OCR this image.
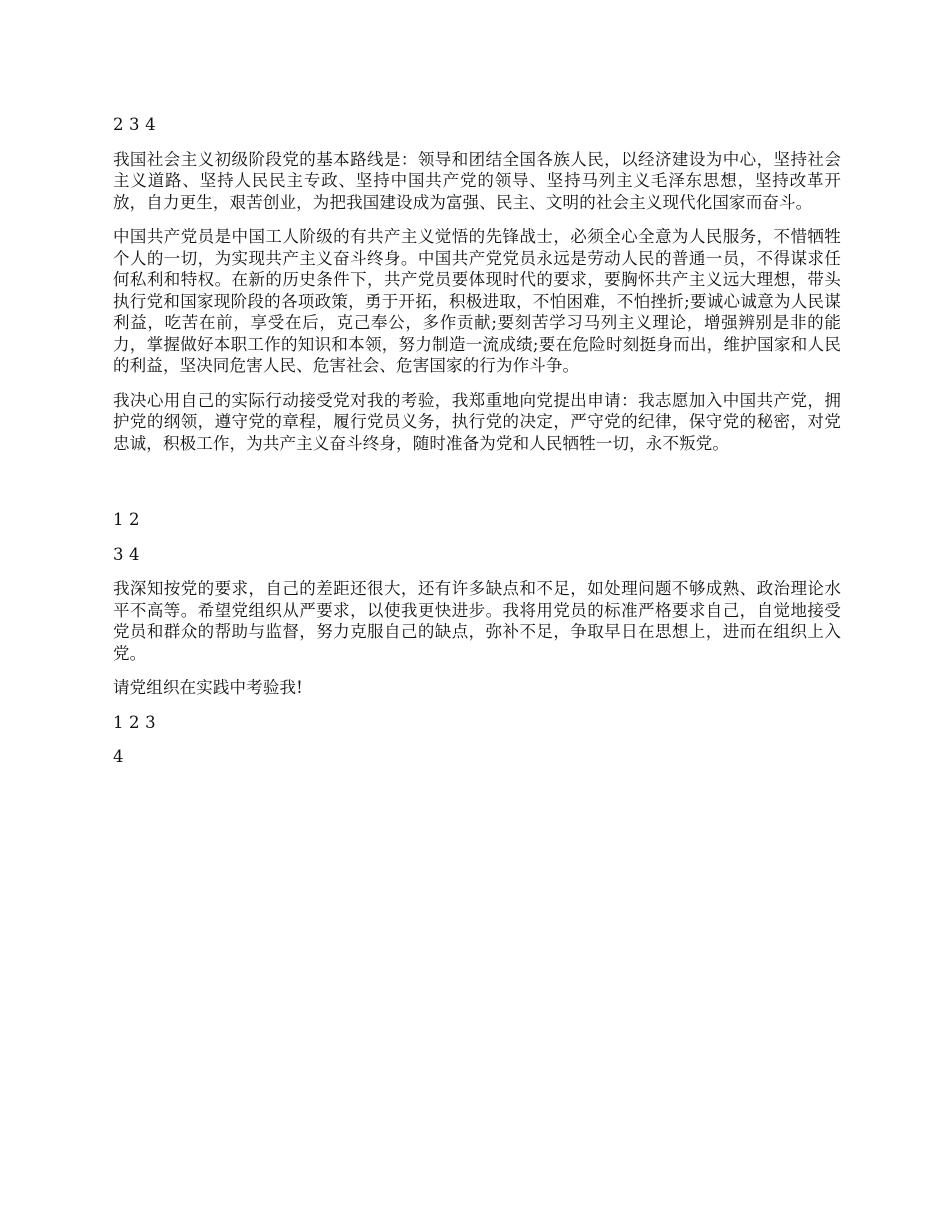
2 3 4
我国社会主义初级阶段党的基本路线是：领导和团结全国各族人民，以经济建设为中心，坚持社会主义道路、坚持人民民主专政、坚持中国共产党的领导、坚持马列主义毛泽东思想，坚持改革开放，自力更生，艰苦创业，为把我国建设成为富强、民主、文明的社会主义现代化国家而奋斗。
中国共产党员是中国工人阶级的有共产主义觉悟的先锋战士，必须全心全意为人民服务，不惜牺牲个人的一切，为实现共产主义奋斗终身。中国共产党党员永远是劳动人民的普通一员，不得谋求任何私利和特权。在新的历史条件下，共产党员要体现时代的要求，要胸怀共产主义远大理想，带头执行党和国家现阶段的各项政策，勇于开拓，积极进取，不怕困难，不怕挫折;要诚心诚意为人民谋利益，吃苦在前，享受在后，克己奉公，多作贡献;要刻苦学习马列主义理论，增强辨别是非的能力，掌握做好本职工作的知识和本领，努力制造一流成绩;要在危险时刻挺身而出，维护国家和人民的利益，坚决同危害人民、危害社会、危害国家的行为作斗争。
我决心用自己的实际行动接受党对我的考验，我郑重地向党提出申请：我志愿加入中国共产党，拥护党的纲领，遵守党的章程，履行党员义务，执行党的决定，严守党的纪律，保守党的秘密，对党忠诚，积极工作，为共产主义奋斗终身，随时准备为党和人民牺牲一切，永不叛党。
1 2
3 4
我深知按党的要求，自己的差距还很大，还有许多缺点和不足，如处理问题不够成熟、政治理论水平不高等。希望党组织从严要求，以使我更快进步。我将用党员的标准严格要求自己，自觉地接受党员和群众的帮助与监督，努力克服自己的缺点，弥补不足，争取早日在思想上，进而在组织上入党。
请党组织在实践中考验我!
1 2 3
4
